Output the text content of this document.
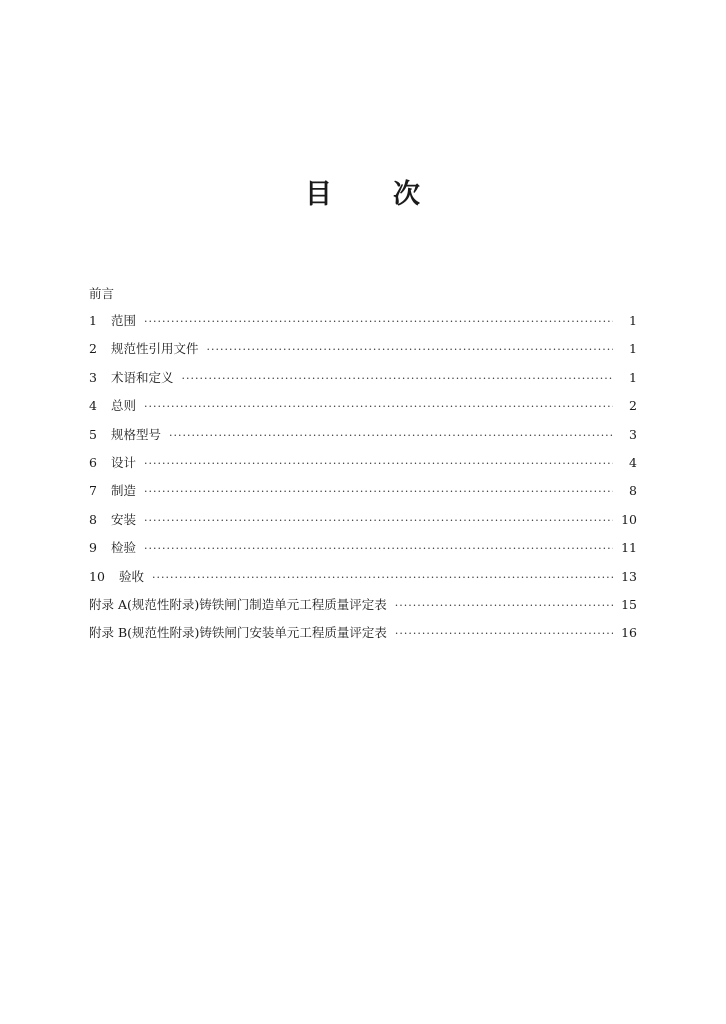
目 次
前言
1	范围 ·····	1
2	规范性引用文件 ·····	1
3	术语和定义 ·····	1
4	总则 ·····	2
5	规格型号 ·····	3
6	设计 ·····	4
7	制造 ·····	8
8	安装 ·····	10
9	检验 ·····	11
10	验收 ·····	13
附录 A(规范性附录)铸铁闸门制造单元工程质量评定表 ·····	15
附录 B(规范性附录)铸铁闸门安装单元工程质量评定表 ·····	16
